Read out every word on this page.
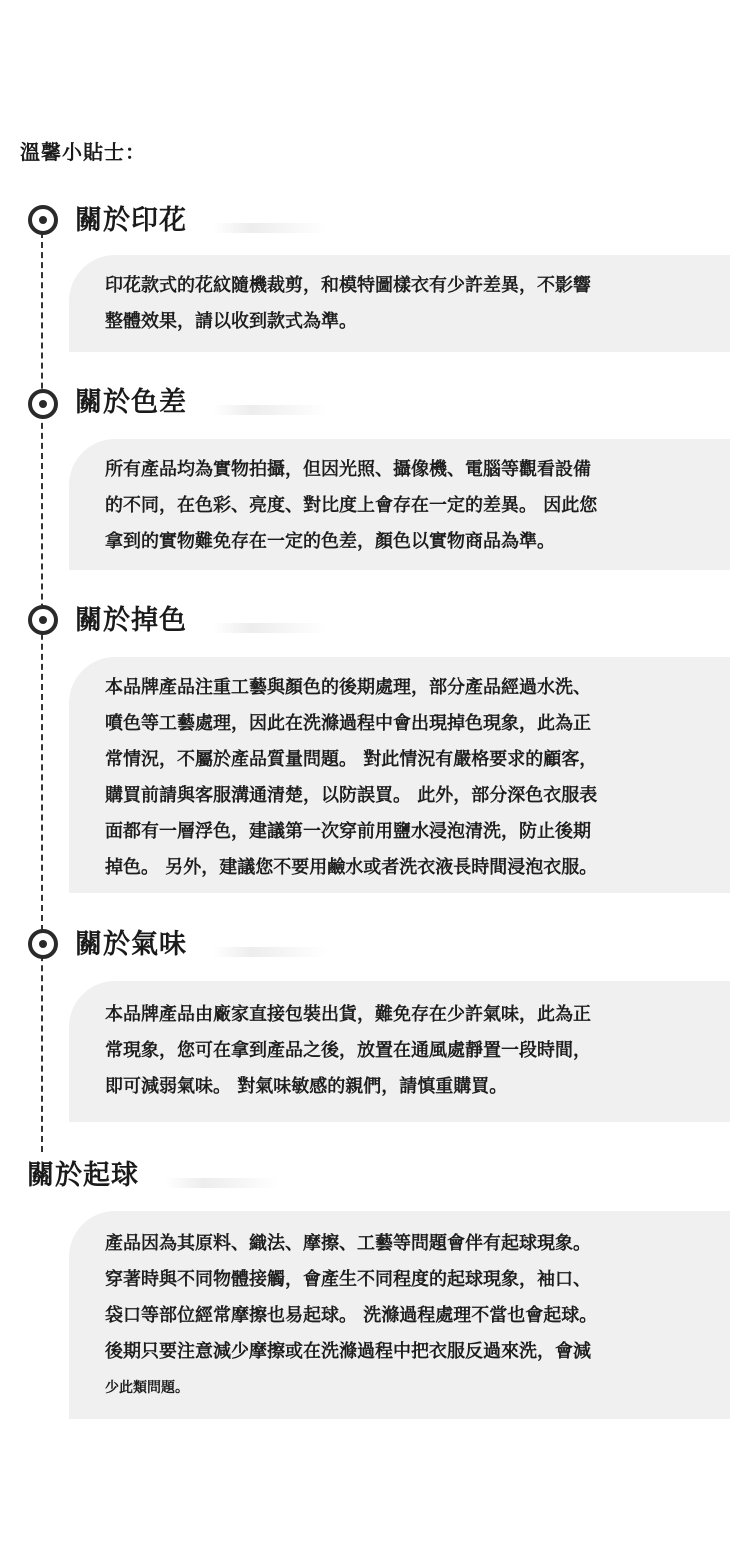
溫馨小貼士：
關於印花

印花款式的花紋隨機裁剪，和模特圖樣衣有少許差異，不影響

整體效果，請以收到款式為準。

關於色差

所有產品均為實物拍攝，但因光照、攝像機、電腦等觀看設備

的不同，在色彩、亮度、對比度上會存在一定的差異。 因此您

拿到的實物難免存在一定的色差，顏色以實物商品為準。

關於掉色

本品牌產品注重工藝與顏色的後期處理，部分產品經過水洗、

噴色等工藝處理，因此在洗滌過程中會出現掉色現象，此為正

常情況，不屬於產品質量問題。 對此情況有嚴格要求的顧客，

購買前請與客服溝通清楚，以防誤買。 此外，部分深色衣服表

面都有一層浮色，建議第一次穿前用鹽水浸泡清洗，防止後期

掉色。 另外，建議您不要用鹼水或者洗衣液長時間浸泡衣服。

關於氣味

本品牌產品由廠家直接包裝出貨，難免存在少許氣味，此為正

常現象，您可在拿到產品之後，放置在通風處靜置一段時間，

即可減弱氣味。 對氣味敏感的親們，請慎重購買。

關於起球

產品因為其原料、織法、摩擦、工藝等問題會伴有起球現象。

穿著時與不同物體接觸，會產生不同程度的起球現象，袖口、

袋口等部位經常摩擦也易起球。 洗滌過程處理不當也會起球。

後期只要注意減少摩擦或在洗滌過程中把衣服反過來洗，會減

少此類問題。
